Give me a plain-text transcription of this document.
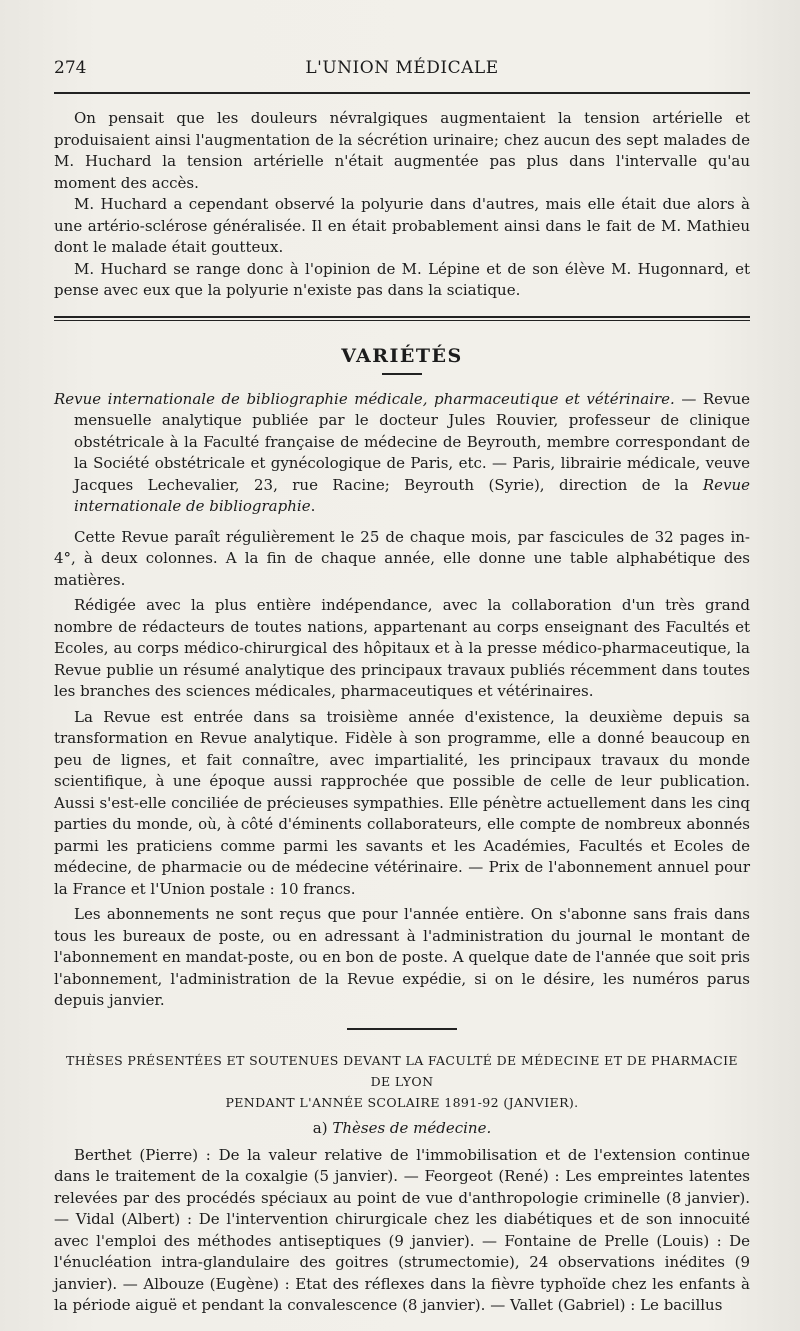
274	L'UNION MÉDICALE

On pensait que les douleurs névralgiques augmentaient la tension artérielle et produisaient ainsi l'augmentation de la sécrétion urinaire; chez aucun des sept malades de M. Huchard la tension artérielle n'était augmentée pas plus dans l'intervalle qu'au moment des accès.

M. Huchard a cependant observé la polyurie dans d'autres, mais elle était due alors à une artério-sclérose généralisée. Il en était probablement ainsi dans le fait de M. Mathieu dont le malade était goutteux.

M. Huchard se range donc à l'opinion de M. Lépine et de son élève M. Hugonnard, et pense avec eux que la polyurie n'existe pas dans la sciatique.

VARIÉTÉS

Revue internationale de bibliographie médicale, pharmaceutique et vétérinaire. — Revue mensuelle analytique publiée par le docteur Jules Rouvier, professeur de clinique obstétricale à la Faculté française de médecine de Beyrouth, membre correspondant de la Société obstétricale et gynécologique de Paris, etc. — Paris, librairie médicale, veuve Jacques Lechevalier, 23, rue Racine; Beyrouth (Syrie), direction de la Revue internationale de bibliographie.

Cette Revue paraît régulièrement le 25 de chaque mois, par fascicules de 32 pages in-4°, à deux colonnes. A la fin de chaque année, elle donne une table alphabétique des matières.

Rédigée avec la plus entière indépendance, avec la collaboration d'un très grand nombre de rédacteurs de toutes nations, appartenant au corps enseignant des Facultés et Ecoles, au corps médico-chirurgical des hôpitaux et à la presse médico-pharmaceutique, la Revue publie un résumé analytique des principaux travaux publiés récemment dans toutes les branches des sciences médicales, pharmaceutiques et vétérinaires.

La Revue est entrée dans sa troisième année d'existence, la deuxième depuis sa transformation en Revue analytique. Fidèle à son programme, elle a donné beaucoup en peu de lignes, et fait connaître, avec impartialité, les principaux travaux du monde scientifique, à une époque aussi rapprochée que possible de celle de leur publication. Aussi s'est-elle conciliée de précieuses sympathies. Elle pénètre actuellement dans les cinq parties du monde, où, à côté d'éminents collaborateurs, elle compte de nombreux abonnés parmi les praticiens comme parmi les savants et les Académies, Facultés et Ecoles de médecine, de pharmacie ou de médecine vétérinaire. — Prix de l'abonnement annuel pour la France et l'Union postale : 10 francs.

Les abonnements ne sont reçus que pour l'année entière. On s'abonne sans frais dans tous les bureaux de poste, ou en adressant à l'administration du journal le montant de l'abonnement en mandat-poste, ou en bon de poste. A quelque date de l'année que soit pris l'abonnement, l'administration de la Revue expédie, si on le désire, les numéros parus depuis janvier.

THÈSES PRÉSENTÉES ET SOUTENUES DEVANT LA FACULTÉ DE MÉDECINE ET DE PHARMACIE DE LYON
PENDANT L'ANNÉE SCOLAIRE 1891-92 (JANVIER).
a) Thèses de médecine.

Berthet (Pierre) : De la valeur relative de l'immobilisation et de l'extension continue dans le traitement de la coxalgie (5 janvier). — Feorgeot (René) : Les empreintes latentes relevées par des procédés spéciaux au point de vue d'anthropologie criminelle (8 janvier). — Vidal (Albert) : De l'intervention chirurgicale chez les diabétiques et de son innocuité avec l'emploi des méthodes antiseptiques (9 janvier). — Fontaine de Prelle (Louis) : De l'énucléation intra-glandulaire des goitres (strumectomie), 24 observations inédites (9 janvier). — Albouze (Eugène) : Etat des réflexes dans la fièvre typhoïde chez les enfants à la période aiguë et pendant la convalescence (8 janvier). — Vallet (Gabriel) : Le bacillus
